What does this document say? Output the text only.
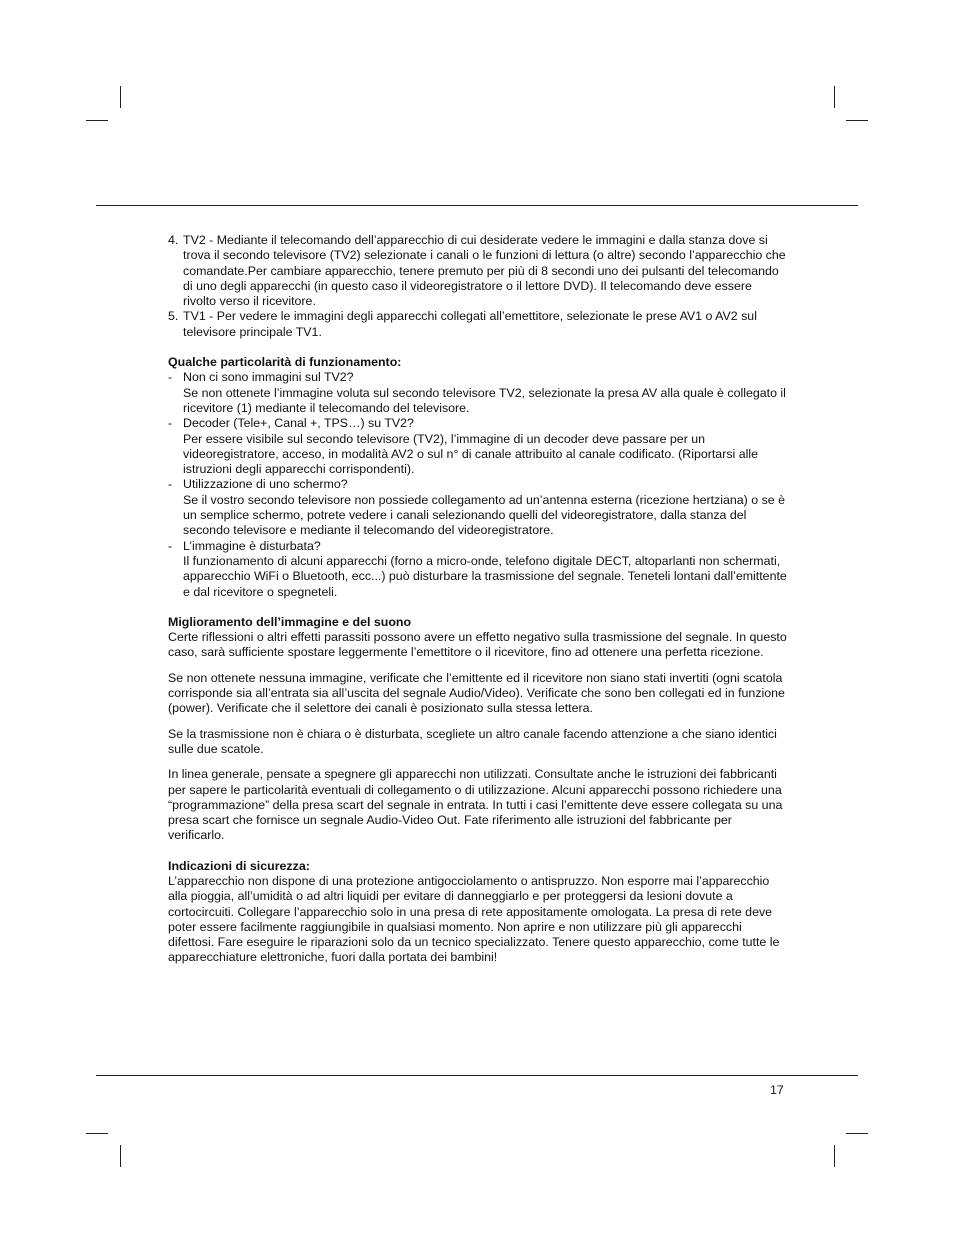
4. TV2 - Mediante il telecomando dell’apparecchio di cui desiderate vedere le immagini e dalla stanza dove si trova il secondo televisore (TV2) selezionate i canali o le funzioni di lettura (o altre) secondo l’apparecchio che comandate.Per cambiare apparecchio, tenere premuto per più di 8 secondi uno dei pulsanti del telecomando di uno degli apparecchi (in questo caso il videoregistratore o il lettore DVD). Il telecomando deve essere rivolto verso il ricevitore.

5. TV1 - Per vedere le immagini degli apparecchi collegati all’emettitore, selezionate le prese AV1 o AV2 sul televisore principale TV1.

Qualche particolarità di funzionamento:

- Non ci sono immagini sul TV2?

Se non ottenete l’immagine voluta sul secondo televisore TV2, selezionate la presa AV alla quale è collegato il ricevitore (1) mediante il telecomando del televisore.

- Decoder (Tele+, Canal +, TPS…) su TV2?

Per essere visibile sul secondo televisore (TV2), l’immagine di un decoder deve passare per un videoregistratore, acceso, in modalità AV2 o sul n° di canale attribuito al canale codificato. (Riportarsi alle istruzioni degli apparecchi corrispondenti).

- Utilizzazione di uno schermo?

Se il vostro secondo televisore non possiede collegamento ad un’antenna esterna (ricezione hertziana) o se è un semplice schermo, potrete vedere i canali selezionando quelli del videoregistratore, dalla stanza del secondo televisore e mediante il telecomando del videoregistratore.

- L’immagine è disturbata?

Il funzionamento di alcuni apparecchi (forno a micro-onde, telefono digitale DECT, altoparlanti non schermati, apparecchio WiFi o Bluetooth, ecc...) può disturbare la trasmissione del segnale. Teneteli lontani dall’emittente e dal ricevitore o spegneteli.

Miglioramento dell’immagine e del suono

Certe riflessioni o altri effetti parassiti possono avere un effetto negativo sulla trasmissione del segnale. In questo caso, sarà sufficiente spostare leggermente l’emettitore o il ricevitore, fino ad ottenere una perfetta ricezione.

Se non ottenete nessuna immagine, verificate che l’emittente ed il ricevitore non siano stati invertiti (ogni scatola corrisponde sia all’entrata sia all’uscita del segnale Audio/Video). Verificate che sono ben collegati ed in funzione (power). Verificate che il selettore dei canali è posizionato sulla stessa lettera.

Se la trasmissione non è chiara o è disturbata, scegliete un altro canale facendo attenzione a che siano identici sulle due scatole.

In linea generale, pensate a spegnere gli apparecchi non utilizzati. Consultate anche le istruzioni dei fabbricanti per sapere le particolarità eventuali di collegamento o di utilizzazione. Alcuni apparecchi possono richiedere una “programmazione” della presa scart del segnale in entrata. In tutti i casi l’emittente deve essere collegata su una presa scart che fornisce un segnale Audio-Video Out. Fate riferimento alle istruzioni del fabbricante per verificarlo.

Indicazioni di sicurezza:

L’apparecchio non dispone di una protezione antigocciolamento o antispruzzo. Non esporre mai l’apparecchio alla pioggia, all’umidità o ad altri liquidi per evitare di danneggiarlo e per proteggersi da lesioni dovute a cortocircuiti. Collegare l’apparecchio solo in una presa di rete appositamente omologata. La presa di rete deve poter essere facilmente raggiungibile in qualsiasi momento. Non aprire e non utilizzare più gli apparecchi difettosi. Fare eseguire le riparazioni solo da un tecnico specializzato. Tenere questo apparecchio, come tutte le apparecchiature elettroniche, fuori dalla portata dei bambini!

17
